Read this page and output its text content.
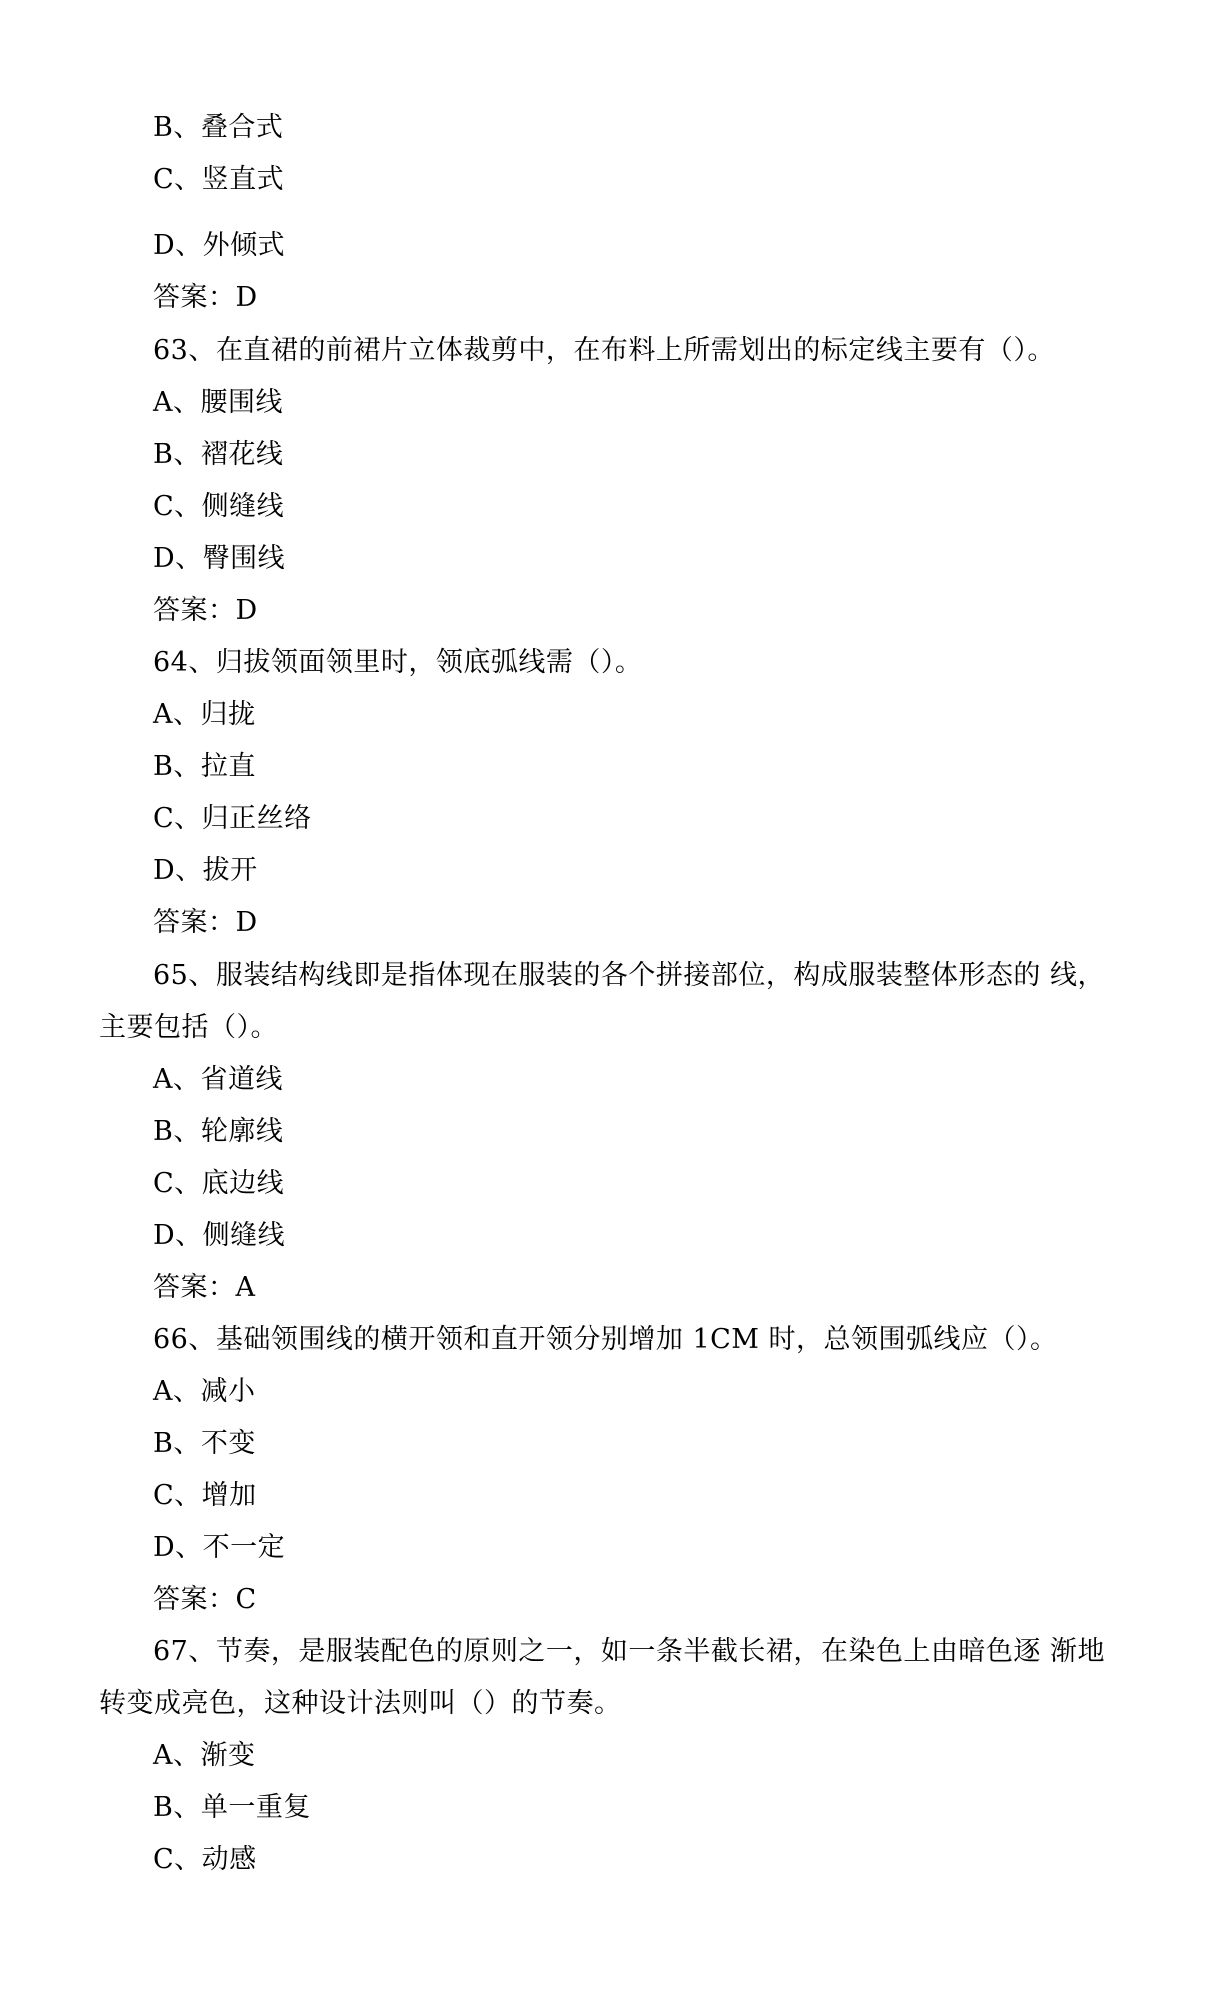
B、叠合式
C、竖直式
D、外倾式
答案：D
63、在直裙的前裙片立体裁剪中，在布料上所需划出的标定线主要有（）。
A、腰围线
B、褶花线
C、侧缝线
D、臀围线
答案：D
64、归拔领面领里时，领底弧线需（）。
A、归拢
B、拉直
C、归正丝络
D、拔开
答案：D
65、服装结构线即是指体现在服装的各个拼接部位，构成服装整体形态的 线，
主要包括（）。
A、省道线
B、轮廓线
C、底边线
D、侧缝线
答案：A
66、基础领围线的横开领和直开领分别增加 1CM 时，总领围弧线应（）。
A、减小
B、不变
C、增加
D、不一定
答案：C
67、节奏，是服装配色的原则之一，如一条半截长裙，在染色上由暗色逐 渐地
转变成亮色，这种设计法则叫（）的节奏。
A、渐变
B、单一重复
C、动感
